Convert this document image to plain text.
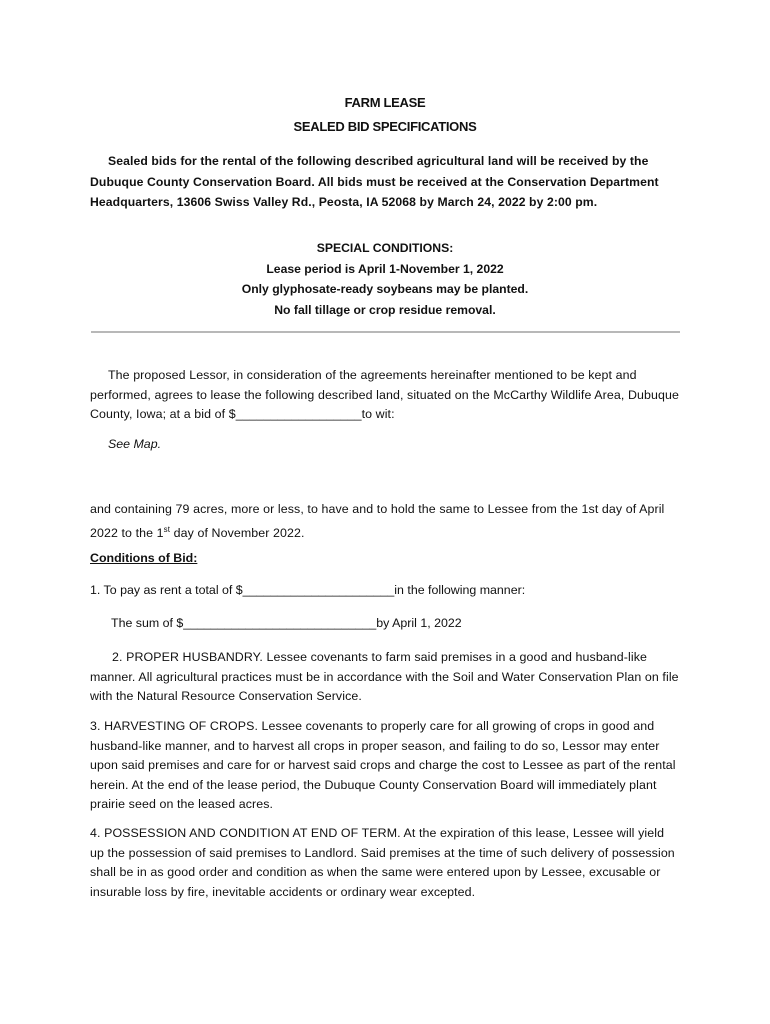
FARM LEASE
SEALED BID SPECIFICATIONS
Sealed bids for the rental of the following described agricultural land will be received by the Dubuque County Conservation Board. All bids must be received at the Conservation Department Headquarters, 13606 Swiss Valley Rd., Peosta, IA 52068 by March 24, 2022 by 2:00 pm.
SPECIAL CONDITIONS:
Lease period is April 1-November 1, 2022
Only glyphosate-ready soybeans may be planted.
No fall tillage or crop residue removal.
The proposed Lessor, in consideration of the agreements hereinafter mentioned to be kept and performed, agrees to lease the following described land, situated on the McCarthy Wildlife Area, Dubuque County, Iowa; at a bid of $__________________to wit:
See Map.
and containing 79 acres, more or less, to have and to hold the same to Lessee from the 1st day of April 2022 to the 1st day of November 2022.
Conditions of Bid:
1. To pay as rent a total of $______________________in the following manner:
The sum of $____________________________by April 1, 2022
2. PROPER HUSBANDRY. Lessee covenants to farm said premises in a good and husband-like manner. All agricultural practices must be in accordance with the Soil and Water Conservation Plan on file with the Natural Resource Conservation Service.
3. HARVESTING OF CROPS. Lessee covenants to properly care for all growing of crops in good and husband-like manner, and to harvest all crops in proper season, and failing to do so, Lessor may enter upon said premises and care for or harvest said crops and charge the cost to Lessee as part of the rental herein. At the end of the lease period, the Dubuque County Conservation Board will immediately plant prairie seed on the leased acres.
4. POSSESSION AND CONDITION AT END OF TERM. At the expiration of this lease, Lessee will yield up the possession of said premises to Landlord. Said premises at the time of such delivery of possession shall be in as good order and condition as when the same were entered upon by Lessee, excusable or insurable loss by fire, inevitable accidents or ordinary wear excepted.
